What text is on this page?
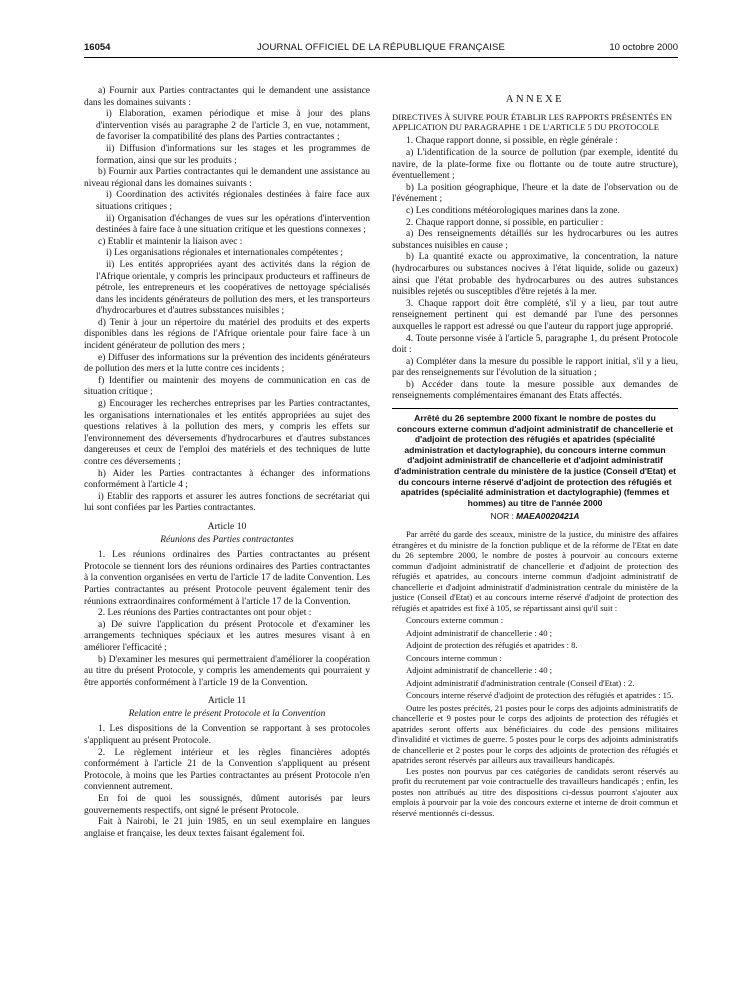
16054	JOURNAL OFFICIEL DE LA RÉPUBLIQUE FRANÇAISE	10 octobre 2000

a) Fournir aux Parties contractantes qui le demandent une assistance dans les domaines suivants :

i) Elaboration, examen périodique et mise à jour des plans d'intervention visés au paragraphe 2 de l'article 3, en vue, notamment, de favoriser la compatibilité des plans des Parties contractantes ;

ii) Diffusion d'informations sur les stages et les programmes de formation, ainsi que sur les produits ;

b) Fournir aux Parties contractantes qui le demandent une assistance au niveau régional dans les domaines suivants :

i) Coordination des activités régionales destinées à faire face aux situations critiques ;

ii) Organisation d'échanges de vues sur les opérations d'intervention destinées à faire face à une situation critique et les questions connexes ;

c) Etablir et maintenir la liaison avec :

i) Les organisations régionales et internationales compétentes ;

ii) Les entités appropriées ayant des activités dans la région de l'Afrique orientale, y compris les principaux producteurs et raffineurs de pétrole, les entrepreneurs et les coopératives de nettoyage spécialisés dans les incidents générateurs de pollution des mers, et les transporteurs d'hydrocarbures et d'autres subsstances nuisibles ;

d) Tenir à jour un répertoire du matériel des produits et des experts disponibles dans les régions de l'Afrique orientale pour faire face à un incident générateur de pollution des mers ;

e) Diffuser des informations sur la prévention des incidents générateurs de pollution des mers et la lutte contre ces incidents ;

f) Identifier ou maintenir des moyens de communication en cas de situation critique ;

g) Encourager les recherches entreprises par les Parties contractantes, les organisations internationales et les entités appropriées au sujet des questions relatives à la pollution des mers, y compris les effets sur l'environnement des déversements d'hydrocarbures et d'autres substances dangereuses et ceux de l'emploi des matériels et des techniques de lutte contre ces déversements ;

h) Aider les Parties contractantes à échanger des informations conformément à l'article 4 ;

i) Etablir des rapports et assurer les autres fonctions de secrétariat qui lui sont confiées par les Parties contractantes.

Article 10

Réunions des Parties contractantes

1. Les réunions ordinaires des Parties contractantes au présent Protocole se tiennent lors des réunions ordinaires des Parties contractantes à la convention organisées en vertu de l'article 17 de ladite Convention. Les Parties contractantes au présent Protocole peuvent également tenir des réunions extraordinaires conformément à l'article 17 de la Convention.

2. Les réunions des Parties contractantes ont pour objet :

a) De suivre l'application du présent Protocole et d'examiner les arrangements techniques spéciaux et les autres mesures visant à en améliorer l'efficacité ;

b) D'examiner les mesures qui permettraient d'améliorer la coopération au titre du présent Protocole, y compris les amendements qui pourraient y être apportés conformément à l'article 19 de la Convention.

Article 11

Relation entre le présent Protocole et la Convention

1. Les dispositions de la Convention se rapportant à ses protocoles s'appliquent au présent Protocole.

2. Le règlement intérieur et les règles financières adoptés conformément à l'article 21 de la Convention s'appliquent au présent Protocole, à moins que les Parties contractantes au présent Protocole n'en conviennent autrement.

En foi de quoi les soussignés, dûment autorisés par leurs gouvernements respectifs, ont signé le présent Protocole.

Fait à Nairobi, le 21 juin 1985, en un seul exemplaire en langues anglaise et française, les deux textes faisant également foi.

ANNEXE

DIRECTIVES À SUIVRE POUR ÉTABLIR LES RAPPORTS PRÉSENTÉS EN APPLICATION DU PARAGRAPHE 1 DE L'ARTICLE 5 DU PROTOCOLE

1. Chaque rapport donne, si possible, en règle générale :

a) L'identification de la source de pollution (par exemple, identité du navire, de la plate-forme fixe ou flottante ou de toute autre structure), éventuellement ;

b) La position géographique, l'heure et la date de l'observation ou de l'événement ;

c) Les conditions météorologiques marines dans la zone.

2. Chaque rapport donne, si possible, en particulier :

a) Des renseignements détaillés sur les hydrocarbures ou les autres substances nuisibles en cause ;

b) La quantité exacte ou approximative, la concentration, la nature (hydrocarbures ou substances nocives à l'état liquide, solide ou gazeux) ainsi que l'état probable des hydrocarbures ou des autres substances nuisibles rejetés ou susceptibles d'être rejetés à la mer.

3. Chaque rapport doit être complété, s'il y a lieu, par tout autre renseignement pertinent qui est demandé par l'une des personnes auxquelles le rapport est adressé ou que l'auteur du rapport juge approprié.

4. Toute personne visée à l'article 5, paragraphe 1, du présent Protocole doit :

a) Compléter dans la mesure du possible le rapport initial, s'il y a lieu, par des renseignements sur l'évolution de la situation ;

b) Accéder dans toute la mesure possible aux demandes de renseignements complémentaires émanant des Etats affectés.

Arrêté du 26 septembre 2000 fixant le nombre de postes du concours externe commun d'adjoint administratif de chancellerie et d'adjoint de protection des réfugiés et apatrides (spécialité administration et dactylographie), du concours interne commun d'adjoint administratif de chancellerie et d'adjoint administratif d'administration centrale du ministère de la justice (Conseil d'Etat) et du concours interne réservé d'adjoint de protection des réfugiés et apatrides (spécialité administration et dactylographie) (femmes et hommes) au titre de l'année 2000

NOR : MAEA0020421A

Par arrêté du garde des sceaux, ministre de la justice, du ministre des affaires étrangères et du ministre de la fonction publique et de la réforme de l'Etat en date du 26 septembre 2000, le nombre de postes à pourvoir au concours externe commun d'adjoint administratif de chancellerie et d'adjoint de protection des réfugiés et apatrides, au concours interne commun d'adjoint administratif de chancellerie et d'adjoint administratif d'administration centrale du ministère de la justice (Conseil d'Etat) et au concours interne réservé d'adjoint de protection des réfugiés et apatrides est fixé à 105, se répartissant ainsi qu'il suit :

Concours externe commun :

Adjoint administratif de chancellerie : 40 ;

Adjoint de protection des réfugiés et apatrides : 8.

Concours interne commun :

Adjoint administratif de chancellerie : 40 ;

Adjoint administratif d'administration centrale (Conseil d'Etat) : 2.

Concours interne réservé d'adjoint de protection des réfugiés et apatrides : 15.

Outre les postes précités, 21 postes pour le corps des adjoints administratifs de chancellerie et 9 postes pour le corps des adjoints de protection des réfugiés et apatrides seront offerts aux bénéficiaires du code des pensions militaires d'invalidité et victimes de guerre. 5 postes pour le corps des adjoints administratifs de chancellerie et 2 postes pour le corps des adjoints de protection des réfugiés et apatrides seront réservés par ailleurs aux travailleurs handicapés.

Les postes non pourvus par ces catégories de candidats seront réservés au profit du recrutement par voie contractuelle des travailleurs handicapés ; enfin, les postes non attribués au titre des dispositions ci-dessus pourront s'ajouter aux emplois à pourvoir par la voie des concours externe et interne de droit commun et réservé mentionnés ci-dessus.
